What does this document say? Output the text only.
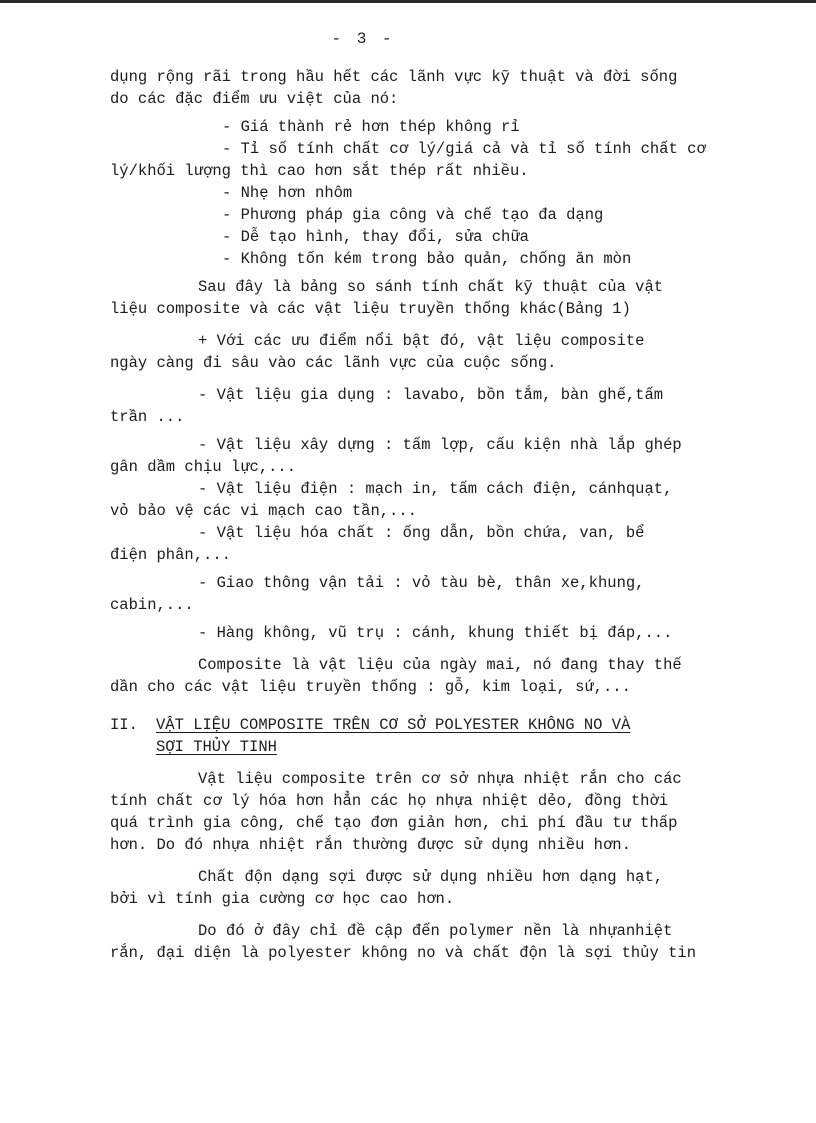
- 3 -
dụng rộng rãi trong hầu hết các lãnh vực kỹ thuật và đời sống
do các đặc điểm ưu việt của nó:
- Giá thành rẻ hơn thép không rỉ
- Tỉ số tính chất cơ lý/giá cả và tỉ số tính chất cơ
lý/khối lượng thì cao hơn sắt thép rất nhiều.
- Nhẹ hơn nhôm
- Phương pháp gia công và chế tạo đa dạng
- Dễ tạo hình, thay đổi, sửa chữa
- Không tốn kém trong bảo quản, chống ăn mòn
Sau đây là bảng so sánh tính chất kỹ thuật của vật
liệu composite và các vật liệu truyền thống khác(Bảng 1)
+ Với các ưu điểm nổi bật đó, vật liệu composite
ngày càng đi sâu vào các lãnh vực của cuộc sống.
- Vật liệu gia dụng : lavabo, bồn tắm, bàn ghế,tấm
trần ...
- Vật liệu xây dựng : tấm lợp, cấu kiện nhà lắp ghép
gân dầm chịu lực,...
- Vật liệu điện : mạch in, tấm cách điện, cánhquạt,
vỏ bảo vệ các vi mạch cao tần,...
- Vật liệu hóa chất : ống dẫn, bồn chứa, van, bể
điện phân,...
- Giao thông vận tải : vỏ tàu bè, thân xe,khung,
cabin,...
- Hàng không, vũ trụ : cánh, khung thiết bị đáp,...
Composite là vật liệu của ngày mai, nó đang thay thế
dần cho các vật liệu truyền thống : gỗ, kim loại, sứ,...
II. VẬT LIỆU COMPOSITE TRÊN CƠ SỞ POLYESTER KHÔNG NO VÀ
SỢI THỦY TINH
Vật liệu composite trên cơ sở nhựa nhiệt rắn cho các
tính chất cơ lý hóa hơn hẳn các họ nhựa nhiệt dẻo, đồng thời
quá trình gia công, chế tạo đơn giản hơn, chi phí đầu tư thấp
hơn. Do đó nhựa nhiệt rắn thường được sử dụng nhiều hơn.
Chất độn dạng sợi được sử dụng nhiều hơn dạng hạt,
bởi vì tính gia cường cơ học cao hơn.
Do đó ở đây chỉ đề cập đến polymer nền là nhựanhiệt
rắn, đại diện là polyester không no và chất độn là sợi thủy tin
